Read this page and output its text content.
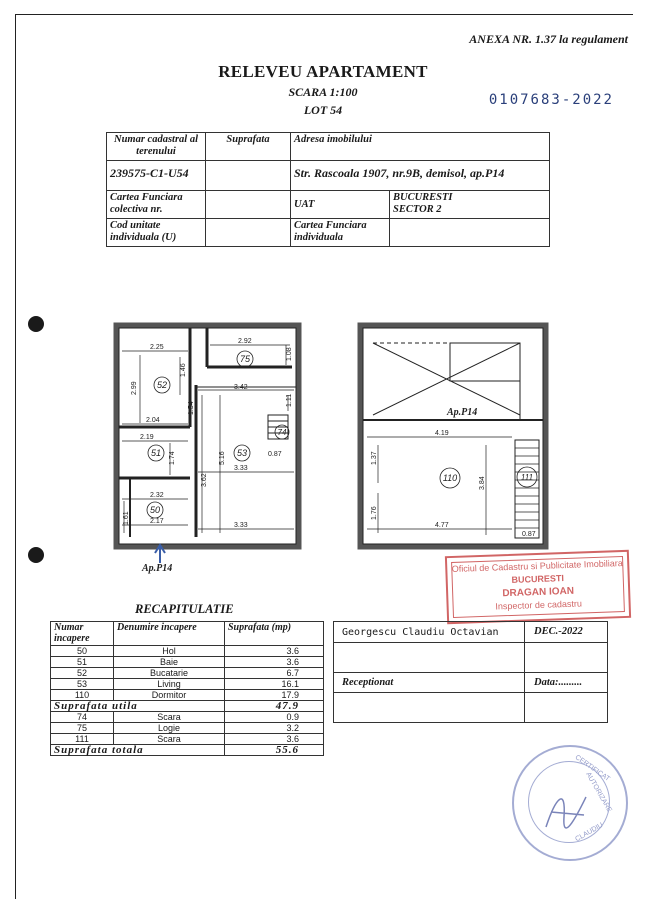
ANEXA NR. 1.37 la regulament
RELEVEU APARTAMENT
SCARA 1:100
LOT 54
0107683-2022
Numar cadastral al terenului	Suprafata	Adresa imobilului	
239575-C1-U54		Str. Rascoala 1907, nr.9B, demisol, ap.P14	
Cartea Funciara colectiva nr.		UAT	BUCURESTI
SECTOR 2

Cod unitate individuala (U)		Cartea Funciara individuala	
52
75
53
74
51
50
2.25
1.46
2.92
1.08
2.99
1.54
3.42
1.11
2.04
2.19
1.74	5.16
3.62
0.87
3.33
2.32
1.61	2.17
3.33
Ap.P14
110	111
Ap.P14
4.19
1.37
3.84
1.76
4.77
0.87
Oficiul de Cadastru si Publicitate Imobiliara
BUCURESTI
DRAGAN IOAN
Inspector de cadastru
RECAPITULATIE
Numar incapere	Denumire incapere	Suprafata (mp)
50	Hol	3.6
51	Baie	3.6
52	Bucatarie	6.7
53	Living	16.1
110	Dormitor	17.9
Suprafata utila		47.9
74	Scara	0.9
75	Logie	3.2
111	Scara	3.6
Suprafata totala		55.6
Georgescu Claudiu Octavian	DEC.-2022
Receptionat	Data:.........
CERTIFICAT
AUTORIZARE
CLAUDIU
